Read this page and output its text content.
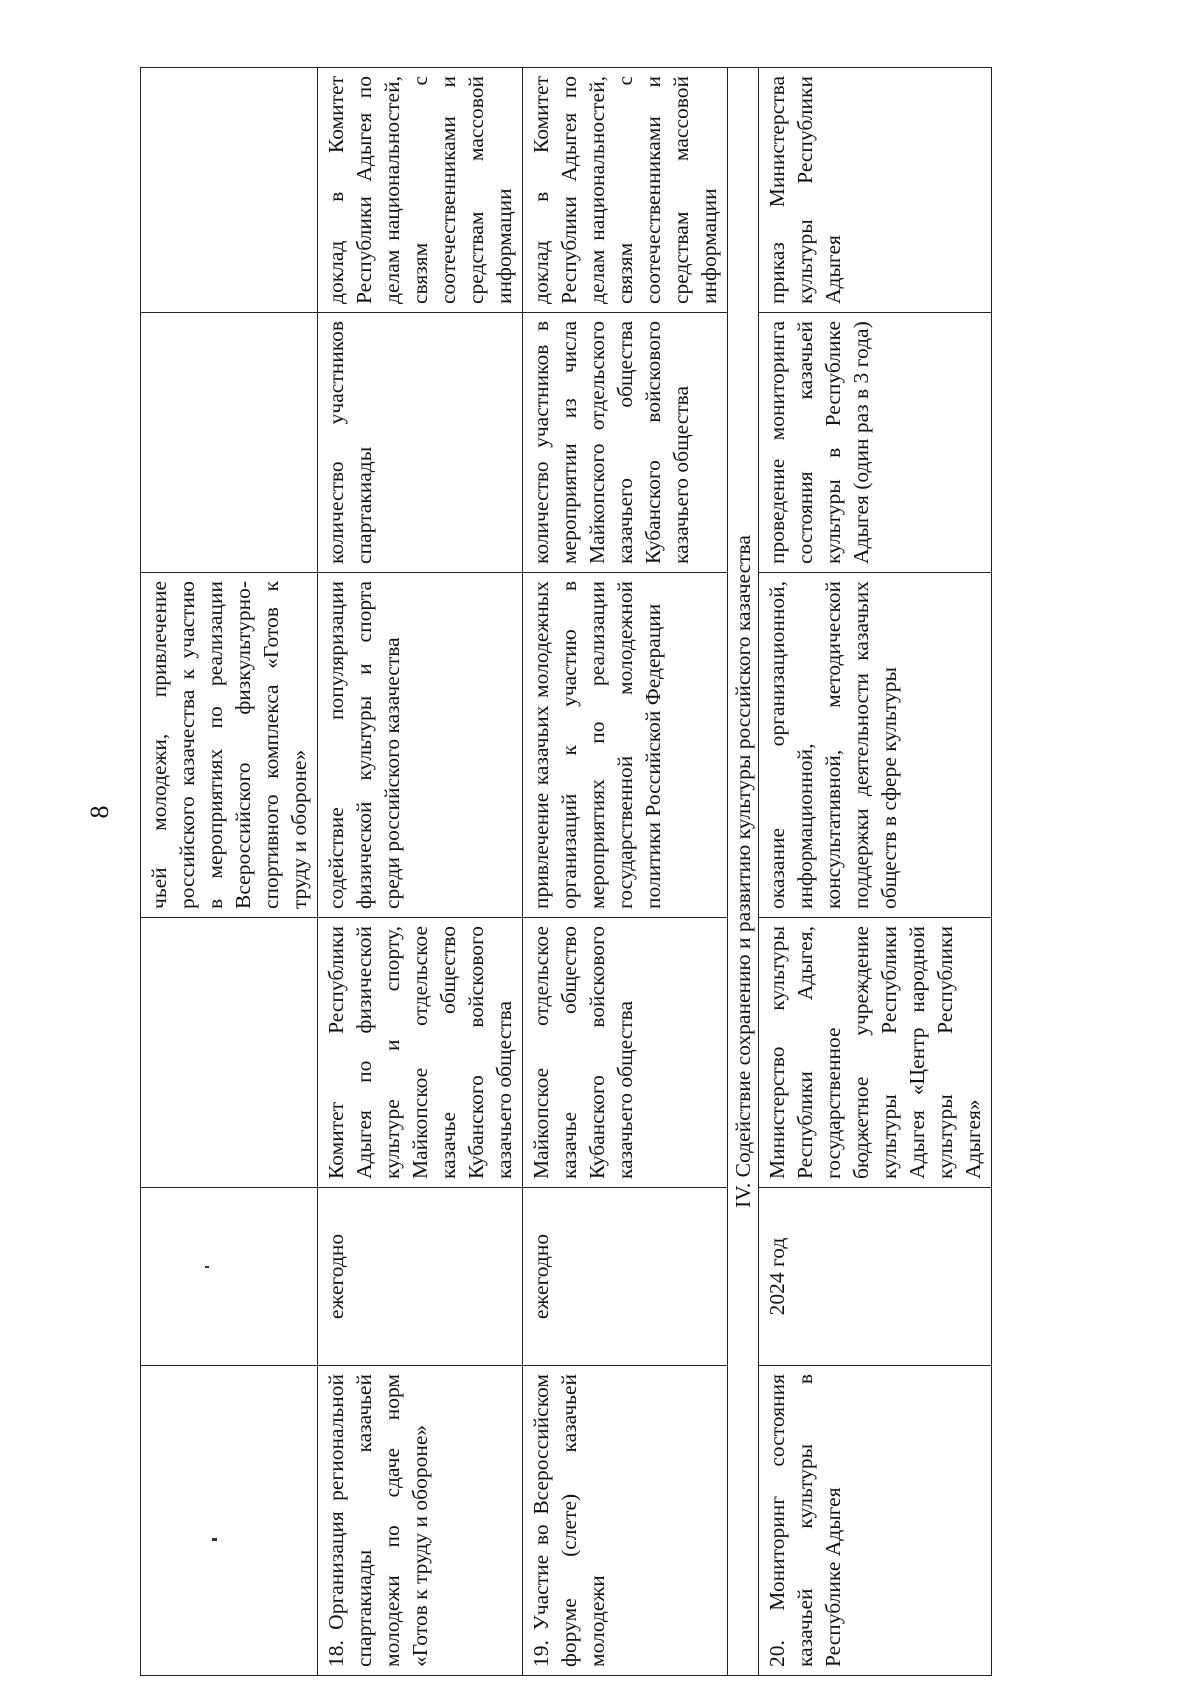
8
			чьей молодежи, привлечение российского казачества к участию в мероприятиях по реализации Всероссийского физкультурно-спортивного комплекса «Готов к труду и обороне»		
18. Организация региональной спартакиады казачьей молодежи по сдаче норм «Готов к труду и обороне»	ежегодно	Комитет Республики Адыгея по физической культуре и спорту, Майкопское отдельское казачье общество Кубанского войскового казачьего общества	содействие популяризации физической культуры и спорта среди российского казачества	количество участников спартакиады	доклад в Комитет Республики Адыгея по делам национальностей, связям с соотечественниками и средствам массовой информации
19. Участие во Всероссийском форуме (слете) казачьей молодежи	ежегодно	Майкопское отдельское казачье общество Кубанского войскового казачьего общества	привлечение казачьих молодежных организаций к участию в мероприятиях по реализации государственной молодежной политики Российской Федерации	количество участников в мероприятии из числа Майкопского отдельского казачьего общества Кубанского войскового казачьего общества	доклад в Комитет Республики Адыгея по делам национальностей, связям с соотечественниками и средствам массовой информации
IV. Содействие сохранению и развитию культуры российского казачества					
20. Мониторинг состояния казачьей культуры в Республике Адыгея	2024 год	Министерство культуры Республики Адыгея, государственное бюджетное учреждение культуры Республики Адыгея «Центр народной культуры Республики Адыгея»	оказание организационной, информационной, консультативной, методической поддержки деятельности казачьих обществ в сфере культуры	проведение мониторинга состояния казачьей культуры в Республике Адыгея (один раз в 3 года)	приказ Министерства культуры Республики Адыгея
